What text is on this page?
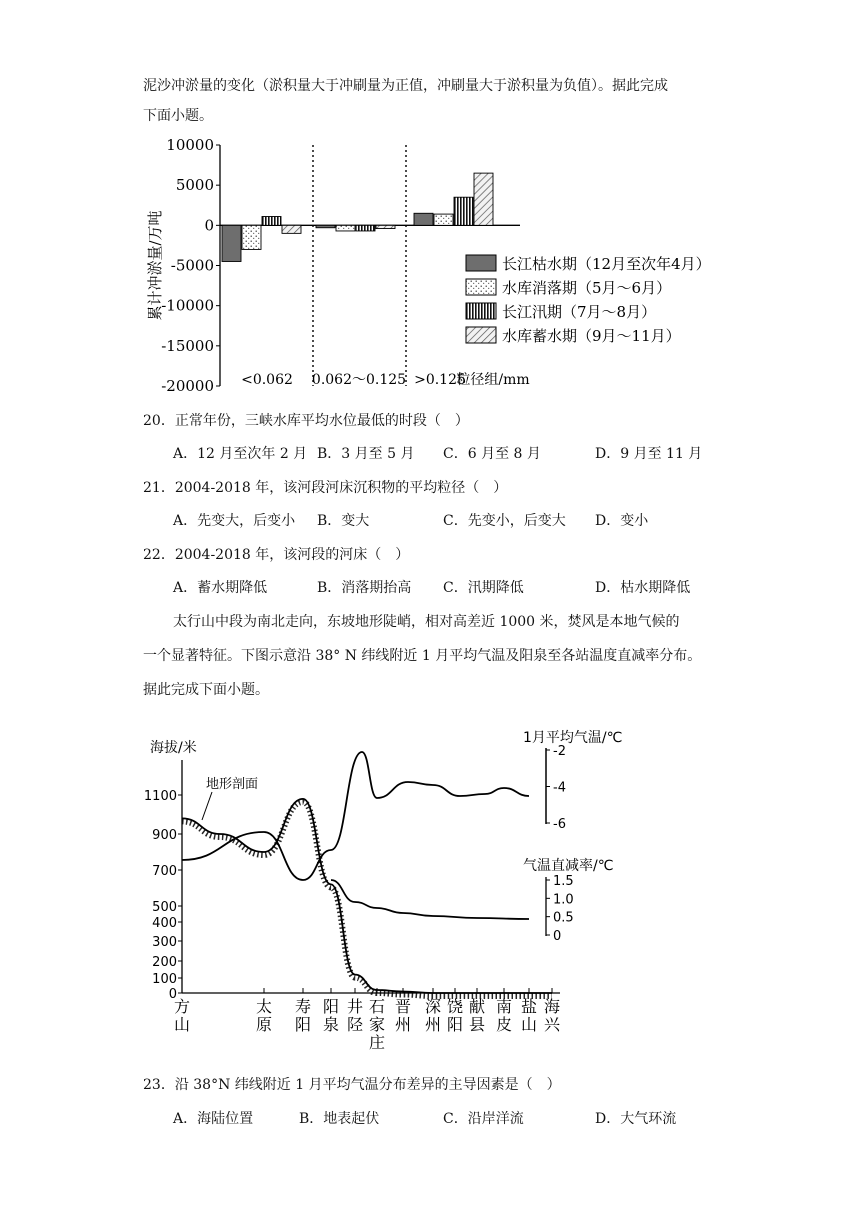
泥沙冲淤量的变化（淤积量大于冲刷量为正值，冲刷量大于淤积量为负值）。据此完成
下面小题。
10000
5000
0
-5000
-10000
-15000
-20000
累计冲淤量/万吨
<0.062 0.062～0.125 >0.125
粒径组/mm
长江枯水期（12月至次年4月）
水库消落期（5月～6月）
长江汛期（7月～8月）
水库蓄水期（9月～11月）
20．正常年份，三峡水库平均水位最低的时段（　）
A．12 月至次年 2 月 B．3 月至 5 月 C．6 月至 8 月	D．9 月至 11 月
21．2004-2018 年，该河段河床沉积物的平均粒径（　）
A．先变大，后变小 B．变大	C．先变小，后变大 D．变小
22．2004-2018 年，该河段的河床（　）
A．蓄水期降低	B．消落期抬高 C．汛期降低	D．枯水期降低
太行山中段为南北走向，东坡地形陡峭，相对高差近 1000 米，焚风是本地气候的
一个显著特征。下图示意沿 38° N 纬线附近 1 月平均气温及阳泉至各站温度直减率分布。
据此完成下面小题。
海拔/米
1100
900
700
500
400
300
200
100
0
地形剖面
1月平均气温/℃
-2
-4
-6
气温直减率/℃
1.5
1.0
0.5
0
方
山
太
原
寿
阳
阳
泉
井
陉
石
家
庄
晋
州
深
州
饶
阳
献
县
南
皮
盐
山
海
兴
23．沿 38°N 纬线附近 1 月平均气温分布差异的主导因素是（　）
A．海陆位置	B．地表起伏	C．沿岸洋流	D．大气环流
